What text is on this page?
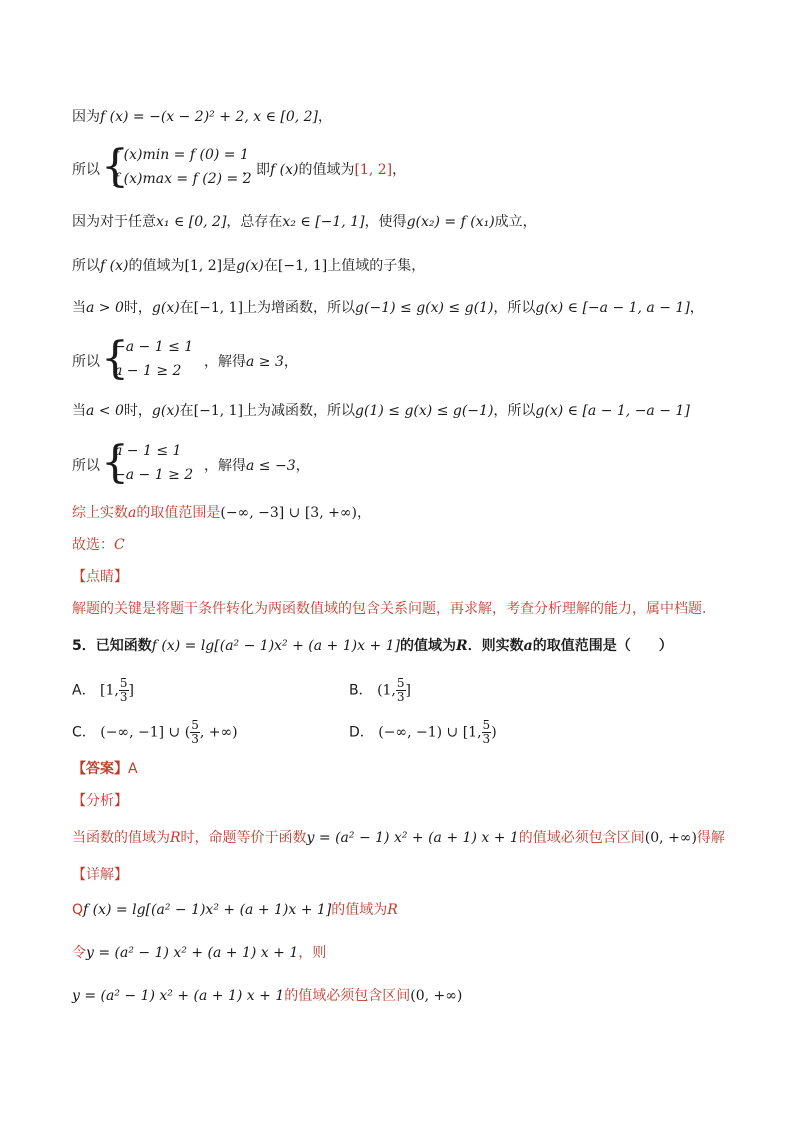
因为f (x) = −(x − 2)² + 2, x ∈ [0, 2]，
所以 {
f (x)min = f (0) = 1
f (x)max = f (2) = 2
，即f (x)的值域为[1, 2]，
因为对于任意x₁ ∈ [0, 2]，总存在x₂ ∈ [−1, 1]，使得g(x₂) = f (x₁)成立，
所以f (x)的值域为[1, 2]是g(x)在[−1, 1]上值域的子集，
当a > 0时，g(x)在[−1, 1]上为增函数，所以g(−1) ≤ g(x) ≤ g(1)，所以g(x) ∈ [−a − 1, a − 1]，
所以 {
−a − 1 ≤ 1
a − 1 ≥ 2
，解得a ≥ 3，
当a < 0时，g(x)在[−1, 1]上为减函数，所以g(1) ≤ g(x) ≤ g(−1)，所以g(x) ∈ [a − 1, −a − 1]
所以 {
a − 1 ≤ 1
−a − 1 ≥ 2
，解得a ≤ −3，
综上实数a的取值范围是(−∞, −3] ∪ [3, +∞)，
故选：C
【点睛】
解题的关键是将题干条件转化为两函数值域的包含关系问题，再求解，考查分析理解的能力，属中档题.
5．已知函数f (x) = lg[(a² − 1)x² + (a + 1)x + 1]的值域为R．则实数a的取值范围是（　　）
A． [1, $\frac{5}{3}$ ]	B． (1, $\frac{5}{3}$ ]
C． (−∞, −1] ∪ ( $\frac{5}{3}$ , +∞)	D． (−∞, −1) ∪ [1, $\frac{5}{3}$ )
【答案】A
【分析】
当函数的值域为R时，命题等价于函数y = (a² − 1) x² + (a + 1) x + 1的值域必须包含区间(0, +∞)得解
【详解】
Qf (x) = lg[(a² − 1)x² + (a + 1)x + 1]的值域为R
令y = (a² − 1) x² + (a + 1) x + 1，则
y = (a² − 1) x² + (a + 1) x + 1的值域必须包含区间(0, +∞)
